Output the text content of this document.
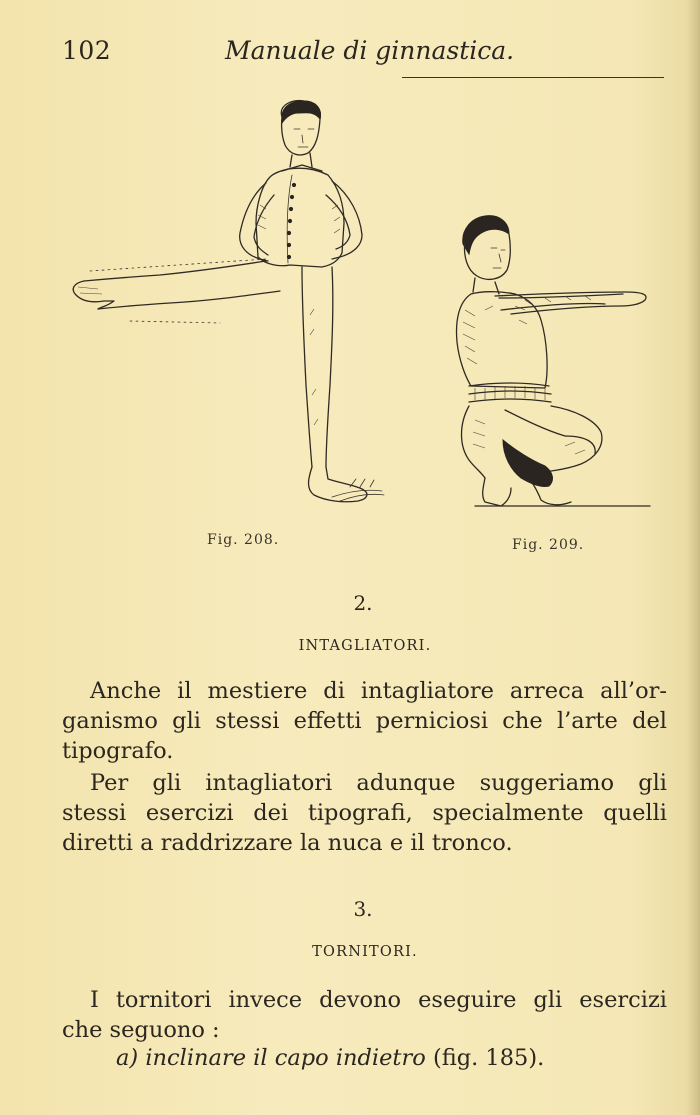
102	Manuale di ginnastica.
Fig. 208.	Fig. 209.
2.
INTAGLIATORI.
Anche il mestiere di intagliatore arreca all’or-
ganismo gli stessi effetti perniciosi che l’arte del
tipografo.
Per gli intagliatori adunque suggeriamo gli
stessi esercizi dei tipografi, specialmente quelli
diretti a raddrizzare la nuca e il tronco.
3.
TORNITORI.
I tornitori invece devono eseguire gli esercizi
che seguono :
a) inclinare il capo indietro (fig. 185).
